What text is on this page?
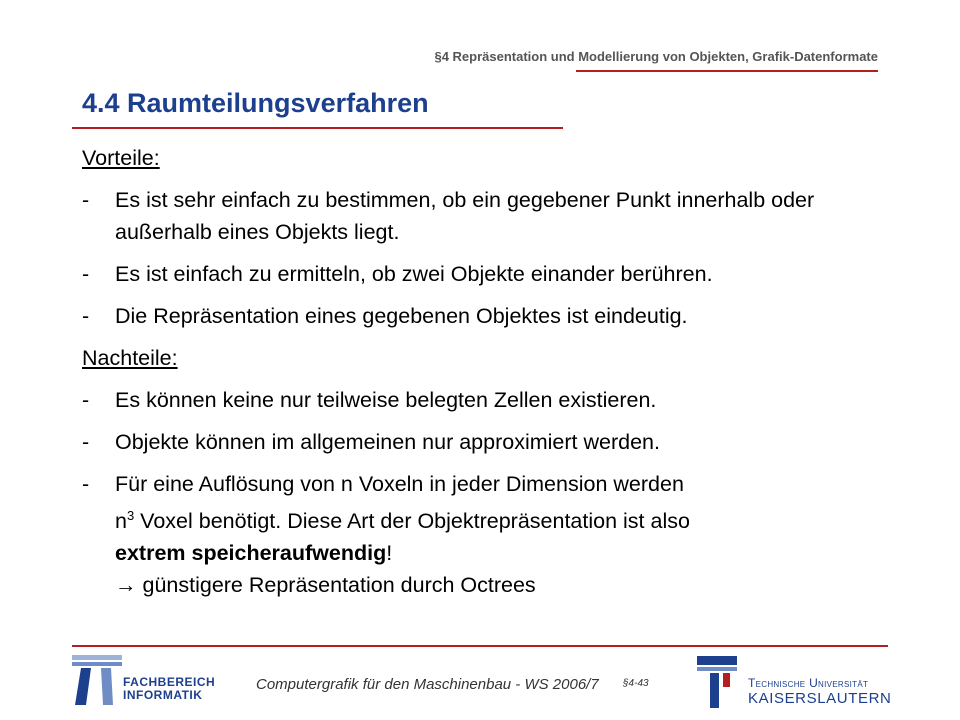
§4 Repräsentation und Modellierung von Objekten, Grafik-Datenformate
4.4 Raumteilungsverfahren
Vorteile:
-	Es ist sehr einfach zu bestimmen, ob ein gegebener Punkt innerhalb oder außerhalb eines Objekts liegt.
-	Es ist einfach zu ermitteln, ob zwei Objekte einander berühren.
-	Die Repräsentation eines gegebenen Objektes ist eindeutig.
Nachteile:
-	Es können keine nur teilweise belegten Zellen existieren.
-	Objekte können im allgemeinen nur approximiert werden.
-	Für eine Auflösung von n Voxeln in jeder Dimension werden
$n^3$ Voxel benötigt. Diese Art der Objektrepräsentation ist also
extrem speicheraufwendig!
→ günstigere Repräsentation durch Octrees
FACHBEREICH
INFORMATIK
Computergrafik für den Maschinenbau - WS 2006/7 §4-43	Technische Universität
KAISERSLAUTERN
